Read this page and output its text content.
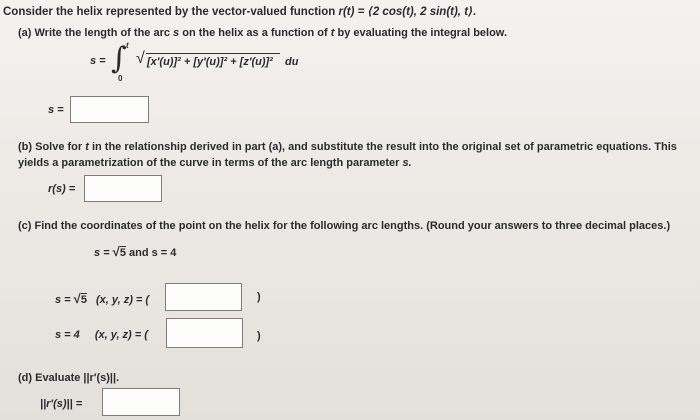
Consider the helix represented by the vector-valued function r(t) = ⟨2 cos(t), 2 sin(t), t⟩.
(a) Write the length of the arc s on the helix as a function of t by evaluating the integral below.
s = ∫ t
0
√ [x′(u)]² + [y′(u)]² + [z′(u)]² du
s =
(b) Solve for t in the relationship derived in part (a), and substitute the result into the original set of parametric equations. This
yields a parametrization of the curve in terms of the arc length parameter s.
r(s) =
(c) Find the coordinates of the point on the helix for the following arc lengths. (Round your answers to three decimal places.)
s = √5 and s = 4
s = √5 (x, y, z) = (	)
s = 4 (x, y, z) = (	)
(d) Evaluate ||r′(s)||.
||r′(s)|| =
